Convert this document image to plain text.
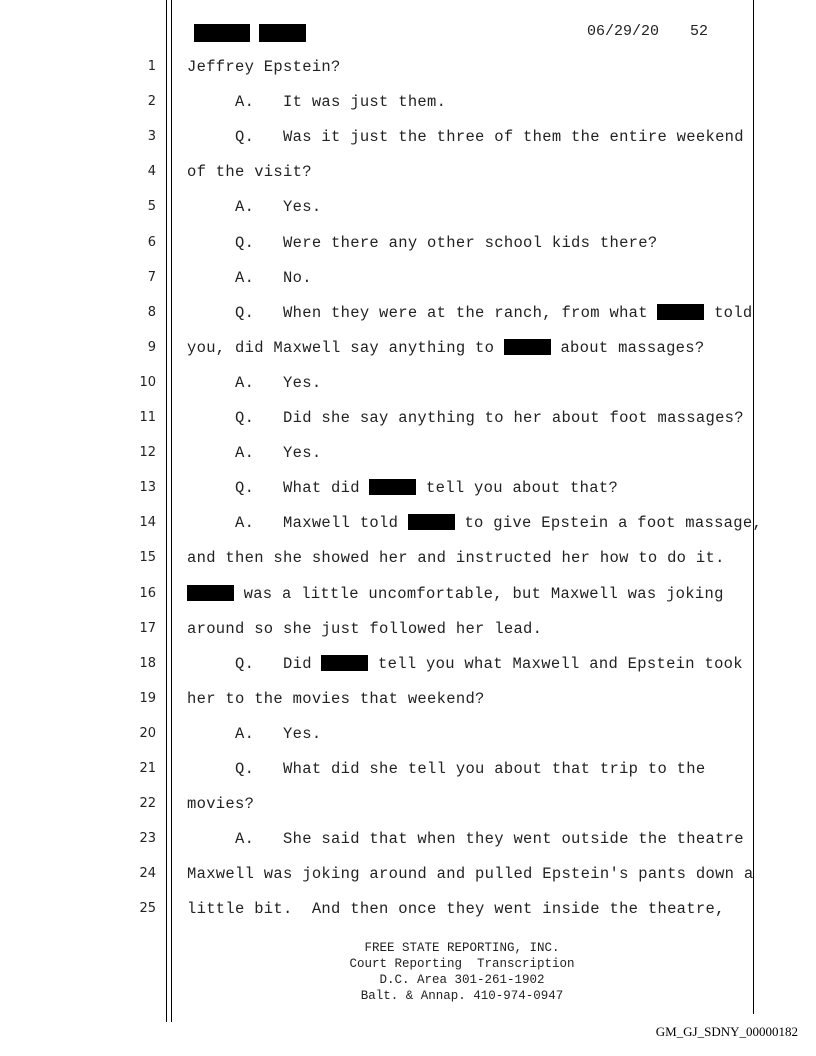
06/29/20 52
1 Jeffrey Epstein?
2 A.   It was just them.
3 Q.   Was it just the three of them the entire weekend
4 of the visit?
5 A.   Yes.
6 Q.   Were there any other school kids there?
7 A.   No.
8 Q.   When they were at the ranch, from what	told
9 you, did Maxwell say anything to	about massages?
10 A.   Yes.
11 Q.   Did she say anything to her about foot massages?
12 A.   Yes.
13 Q.   What did	tell you about that?
14 A.   Maxwell told	to give Epstein a foot massage,
15 and then she showed her and instructed her how to do it.
16	was a little uncomfortable, but Maxwell was joking
17 around so she just followed her lead.
18 Q.   Did	tell you what Maxwell and Epstein took
19 her to the movies that weekend?
20 A.   Yes.
21 Q.   What did she tell you about that trip to the
22 movies?
23 A.   She said that when they went outside the theatre
24 Maxwell was joking around and pulled Epstein's pants down a
25 little bit.  And then once they went inside the theatre,
FREE STATE REPORTING, INC.
Court Reporting  Transcription
D.C. Area 301-261-1902
Balt. & Annap. 410-974-0947
GM_GJ_SDNY_00000182
